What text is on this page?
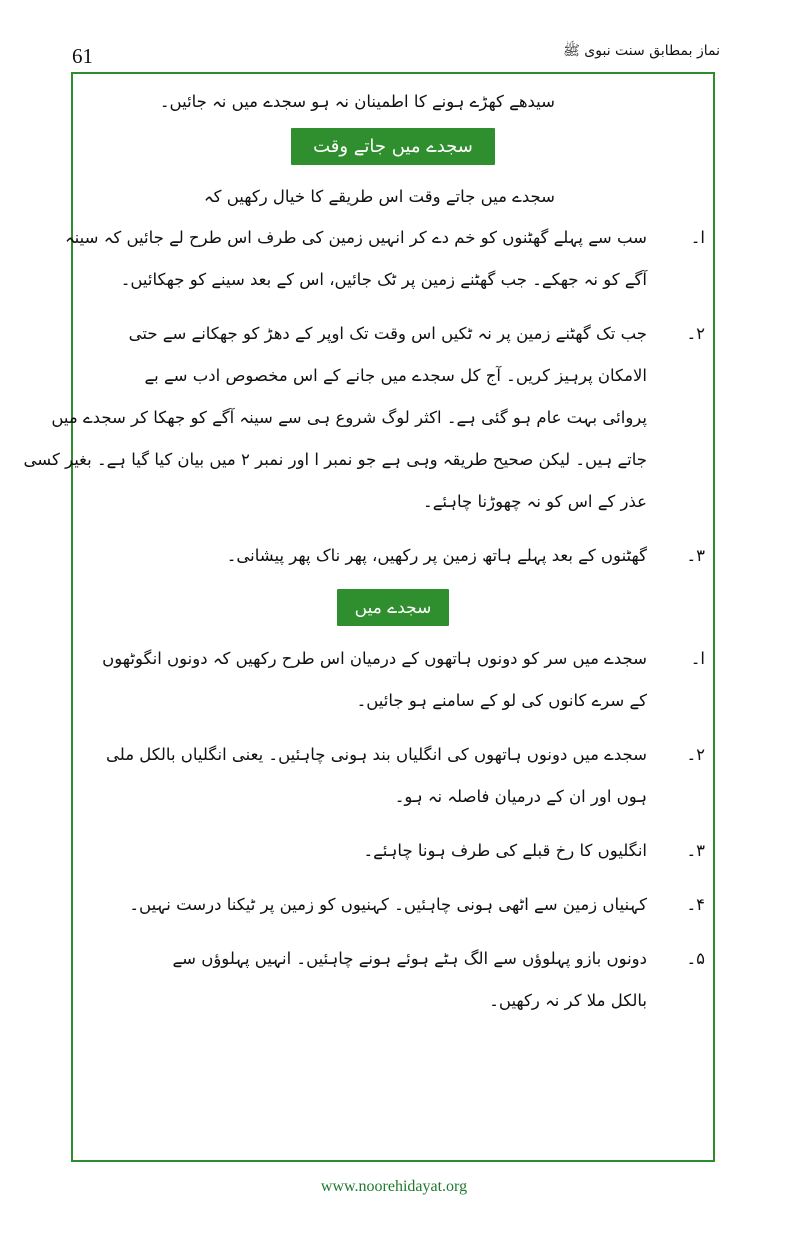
61	نماز بمطابق سنت نبوی ﷺ

سیدھے کھڑے ہونے کا اطمینان نہ ہو سجدے میں نہ جائیں۔

سجدے میں جاتے وقت

سجدے میں جاتے وقت اس طریقے کا خیال رکھیں کہ

ا۔

سب سے پہلے گھٹنوں کو خم دے کر انہیں زمین کی طرف اس طرح لے جائیں کہ سینہ

آگے کو نہ جھکے۔ جب گھٹنے زمین پر ٹک جائیں، اس کے بعد سینے کو جھکائیں۔

۲۔

جب تک گھٹنے زمین پر نہ ٹکیں اس وقت تک اوپر کے دھڑ کو جھکانے سے حتی

الامکان پرہیز کریں۔ آج کل سجدے میں جانے کے اس مخصوص ادب سے بے

پروائی بہت عام ہو گئی ہے۔ اکثر لوگ شروع ہی سے سینہ آگے کو جھکا کر سجدے میں

جاتے ہیں۔ لیکن صحیح طریقہ وہی ہے جو نمبر ا اور نمبر ۲ میں بیان کیا گیا ہے۔ بغیر کسی

عذر کے اس کو نہ چھوڑنا چاہئے۔

۳۔

گھٹنوں کے بعد پہلے ہاتھ زمین پر رکھیں، پھر ناک پھر پیشانی۔

سجدے میں
ا۔

سجدے میں سر کو دونوں ہاتھوں کے درمیان اس طرح رکھیں کہ دونوں انگوٹھوں

کے سرے کانوں کی لو کے سامنے ہو جائیں۔

۲۔

سجدے میں دونوں ہاتھوں کی انگلیاں بند ہونی چاہئیں۔ یعنی انگلیاں بالکل ملی

ہوں اور ان کے درمیان فاصلہ نہ ہو۔

۳۔

انگلیوں کا رخ قبلے کی طرف ہونا چاہئے۔

۴۔

کہنیاں زمین سے اٹھی ہونی چاہئیں۔ کہنیوں کو زمین پر ٹیکنا درست نہیں۔

۵۔

دونوں بازو پہلوؤں سے الگ ہٹے ہوئے ہونے چاہئیں۔ انہیں پہلوؤں سے

بالکل ملا کر نہ رکھیں۔

www.noorehidayat.org
